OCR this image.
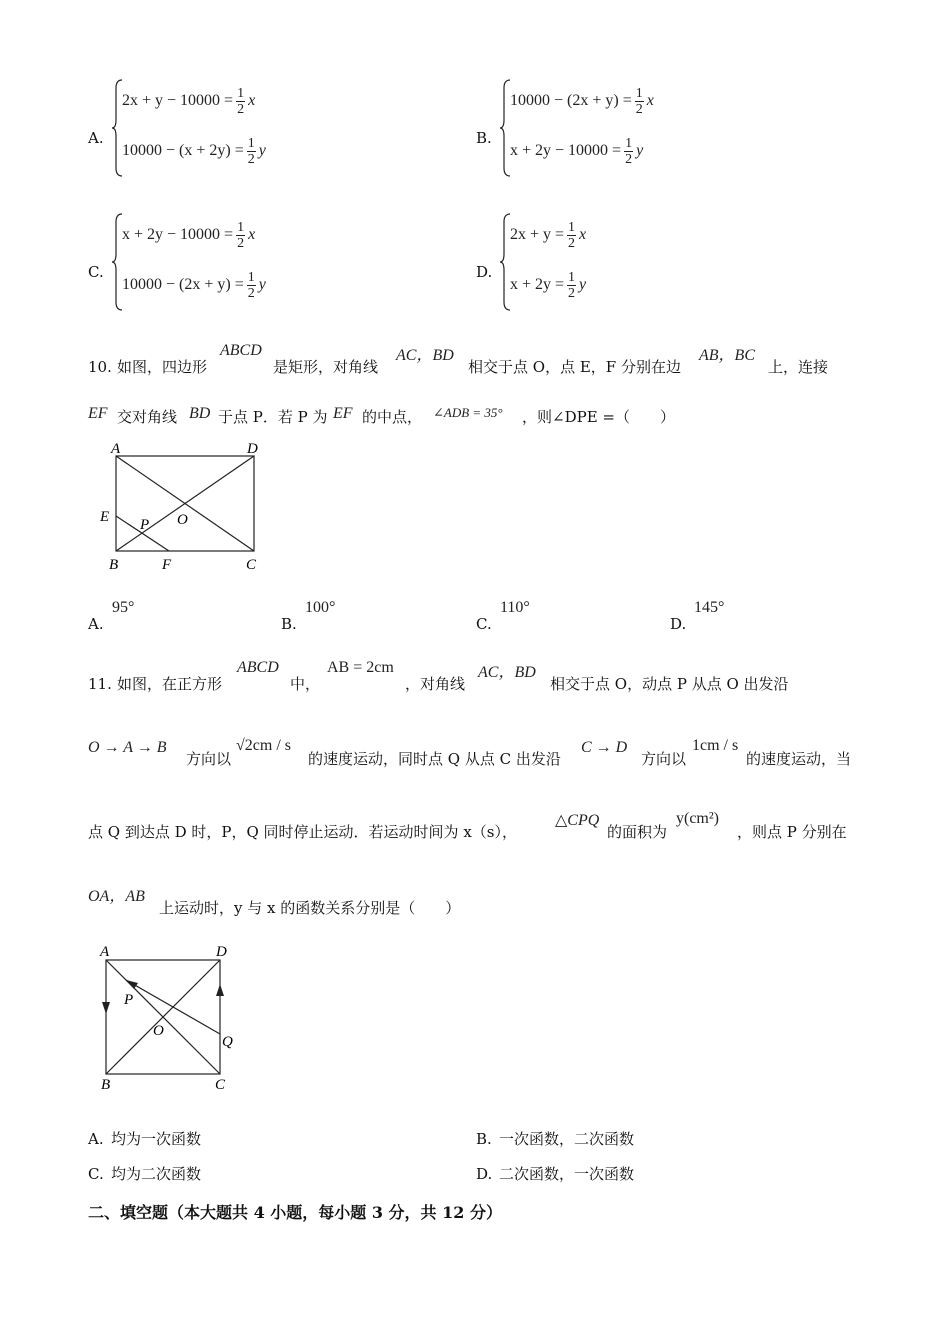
A.
$2x + y - 10000 = \frac{1}{2}$ x
$10000 - (x + 2y) = \frac{1}{2}$ y
B.
$10000 - (2x + y) = \frac{1}{2}$ x
$x + 2y - 10000 = \frac{1}{2}$ y
C.
$x + 2y - 10000 = \frac{1}{2}$ x
$10000 - (2x + y) = \frac{1}{2}$ y
D.
$2x + y = \frac{1}{2}$ x
$x + 2y = \frac{1}{2}$ y
10. 如图，四边形
ABCD
是矩形，对角线
AC，BD
相交于点 O，点 E，F 分别在边
AB，BC
上，连接
EF 交对角线 BD 于点 P．若 P 为 EF 的中点， ∠ADB = 35° ，则∠DPE =（　　）
A	D
E P O
B	F	C
A.
95°
B.
100°
C.
110°
D.
145°
11. 如图，在正方形
ABCD
中，
AB = 2cm
，对角线
AC，BD
相交于点 O，动点 P 从点 O 出发沿
O → A → B
方向以
√2cm / s
的速度运动，同时点 Q 从点 C 出发沿
C → D
方向以
1cm / s
的速度运动，当
点 Q 到达点 D 时，P，Q 同时停止运动．若运动时间为 x（s），
△CPQ
的面积为
y(cm²)
，则点 P 分别在
OA，AB
上运动时，y 与 x 的函数关系分别是（　　）
A	D
P
O
Q
B	C
A. 均为一次函数	B. 一次函数，二次函数
C. 均为二次函数	D. 二次函数，一次函数
二、填空题（本大题共 4 小题，每小题 3 分，共 12 分）
